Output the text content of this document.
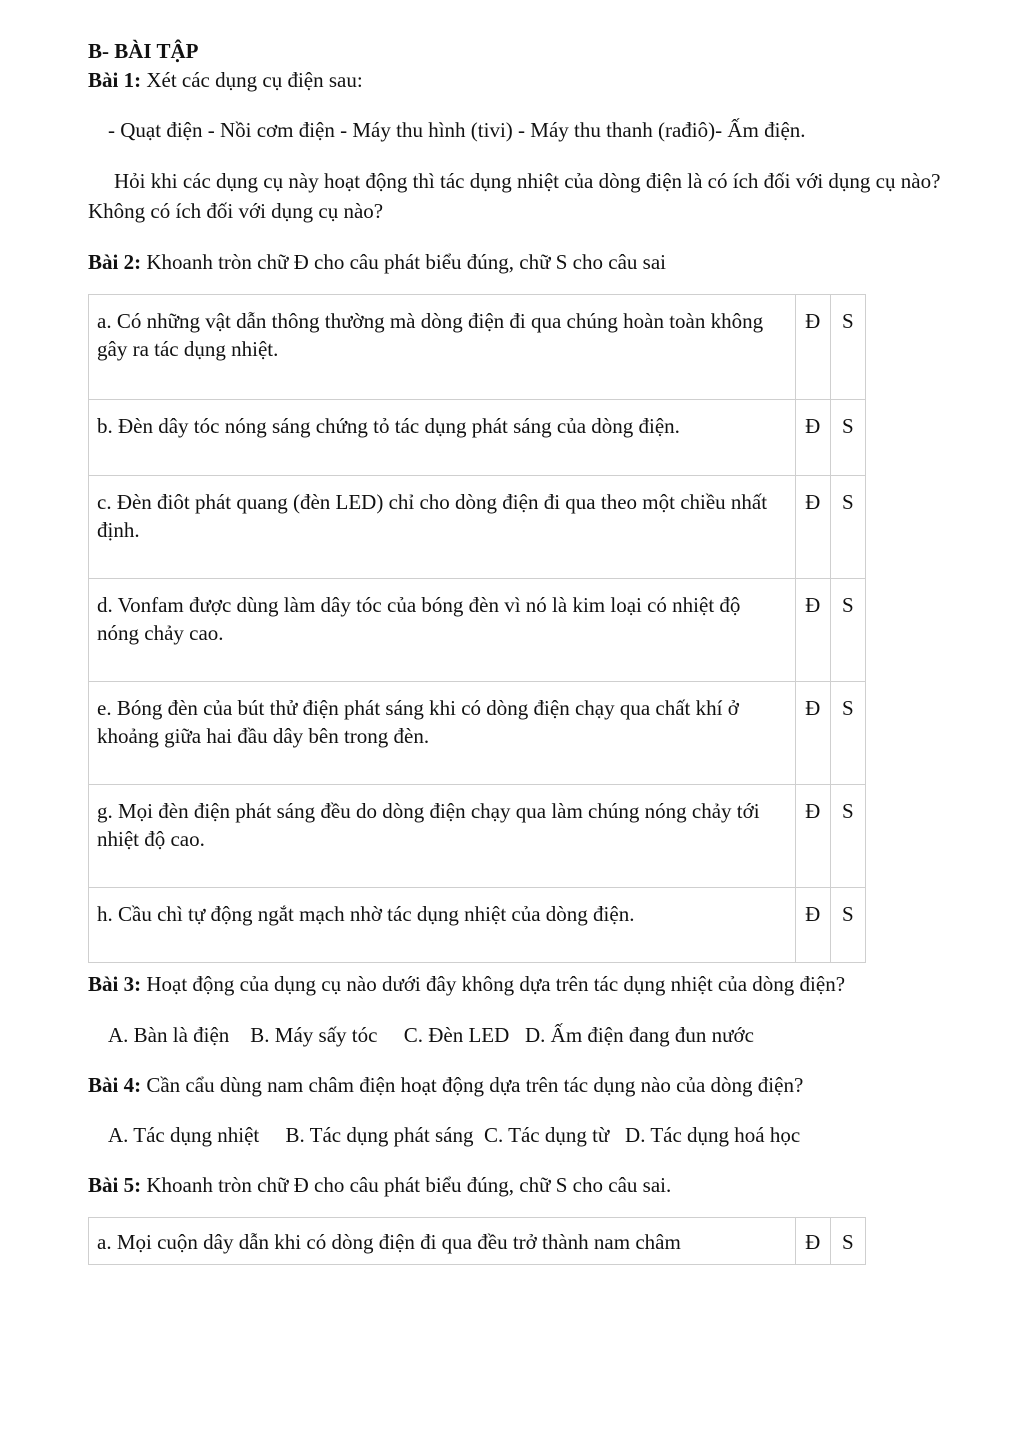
B- BÀI TẬP

Bài 1: Xét các dụng cụ điện sau:

- Quạt điện - Nồi cơm điện - Máy thu hình (tivi) - Máy thu thanh (rađiô)- Ấm điện.

Hỏi khi các dụng cụ này hoạt động thì tác dụng nhiệt của dòng điện là có ích đối với dụng cụ nào? Không có ích đối với dụng cụ nào?

Bài 2: Khoanh tròn chữ Đ cho câu phát biểu đúng, chữ S cho câu sai

a. Có những vật dẫn thông thường mà dòng điện đi qua chúng hoàn toàn không gây ra tác dụng nhiệt.	Đ	S
b. Đèn dây tóc nóng sáng chứng tỏ tác dụng phát sáng của dòng điện.	Đ	S
c. Đèn điôt phát quang (đèn LED) chỉ cho dòng điện đi qua theo một chiều nhất định.	Đ	S
d. Vonfam được dùng làm dây tóc của bóng đèn vì nó là kim loại có nhiệt độ nóng chảy cao.	Đ	S
e. Bóng đèn của bút thử điện phát sáng khi có dòng điện chạy qua chất khí ở khoảng giữa hai đầu dây bên trong đèn.	Đ	S
g. Mọi đèn điện phát sáng đều do dòng điện chạy qua làm chúng nóng chảy tới nhiệt độ cao.	Đ	S
h. Cầu chì tự động ngắt mạch nhờ tác dụng nhiệt của dòng điện.	Đ	S

Bài 3: Hoạt động của dụng cụ nào dưới đây không dựa trên tác dụng nhiệt của dòng điện?

A. Bàn là điện    B. Máy sấy tóc     C. Đèn LED   D. Ấm điện đang đun nước

Bài 4: Cần cẩu dùng nam châm điện hoạt động dựa trên tác dụng nào của dòng điện?

A. Tác dụng nhiệt     B. Tác dụng phát sáng  C. Tác dụng từ   D. Tác dụng hoá học

Bài 5: Khoanh tròn chữ Đ cho câu phát biểu đúng, chữ S cho câu sai.

a. Mọi cuộn dây dẫn khi có dòng điện đi qua đều trở thành nam châm	Đ	S
